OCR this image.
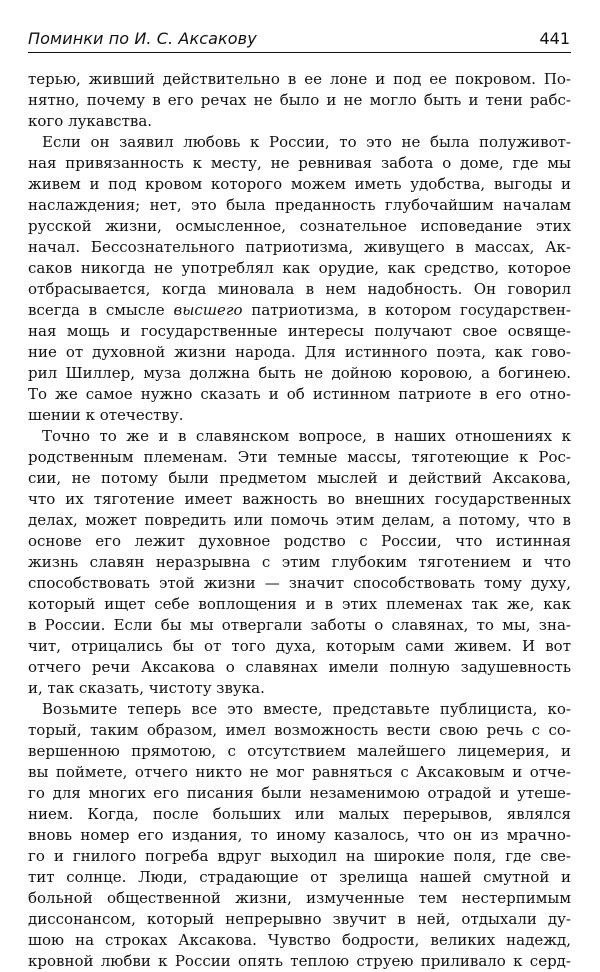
Поминки по И. С. Аксакову	441

терью, живший действительно в ее лоне и под ее покровом. По-
нятно, почему в его речах не было и не могло быть и тени рабс-
кого лукавства.

Если он заявил любовь к России, то это не была полуживот-
ная привязанность к месту, не ревнивая забота о доме, где мы
живем и под кровом которого можем иметь удобства, выгоды и
наслаждения; нет, это была преданность глубочайшим началам
русской жизни, осмысленное, сознательное исповедание этих
начал. Бессознательного патриотизма, живущего в массах, Ак-
саков никогда не употреблял как орудие, как средство, которое
отбрасывается, когда миновала в нем надобность. Он говорил
всегда в смысле высшего патриотизма, в котором государствен-
ная мощь и государственные интересы получают свое освяще-
ние от духовной жизни народа. Для истинного поэта, как гово-
рил Шиллер, муза должна быть не дойною коровою, а богинею.
То же самое нужно сказать и об истинном патриоте в его отно-
шении к отечеству.

Точно то же и в славянском вопросе, в наших отношениях к
родственным племенам. Эти темные массы, тяготеющие к Рос-
сии, не потому были предметом мыслей и действий Аксакова,
что их тяготение имеет важность во внешних государственных
делах, может повредить или помочь этим делам, а потому, что в
основе его лежит духовное родство с России, что истинная
жизнь славян неразрывна с этим глубоким тяготением и что
способствовать этой жизни — значит способствовать тому духу,
который ищет себе воплощения и в этих племенах так же, как
в России. Если бы мы отвергали заботы о славянах, то мы, зна-
чит, отрицались бы от того духа, которым сами живем. И вот
отчего речи Аксакова о славянах имели полную задушевность
и, так сказать, чистоту звука.

Возьмите теперь все это вместе, представьте публициста, ко-
торый, таким образом, имел возможность вести свою речь с со-
вершенною прямотою, с отсутствием малейшего лицемерия, и
вы поймете, отчего никто не мог равняться с Аксаковым и отче-
го для многих его писания были незаменимою отрадой и утеше-
нием. Когда, после больших или малых перерывов, являлся
вновь номер его издания, то иному казалось, что он из мрачно-
го и гнилого погреба вдруг выходил на широкие поля, где све-
тит солнце. Люди, страдающие от зрелища нашей смутной и
больной общественной жизни, измученные тем нестерпимым
диссонансом, который непрерывно звучит в ней, отдыхали ду-
шою на строках Аксакова. Чувство бодрости, великих надежд,
кровной любви к России опять теплою струею приливало к серд-
